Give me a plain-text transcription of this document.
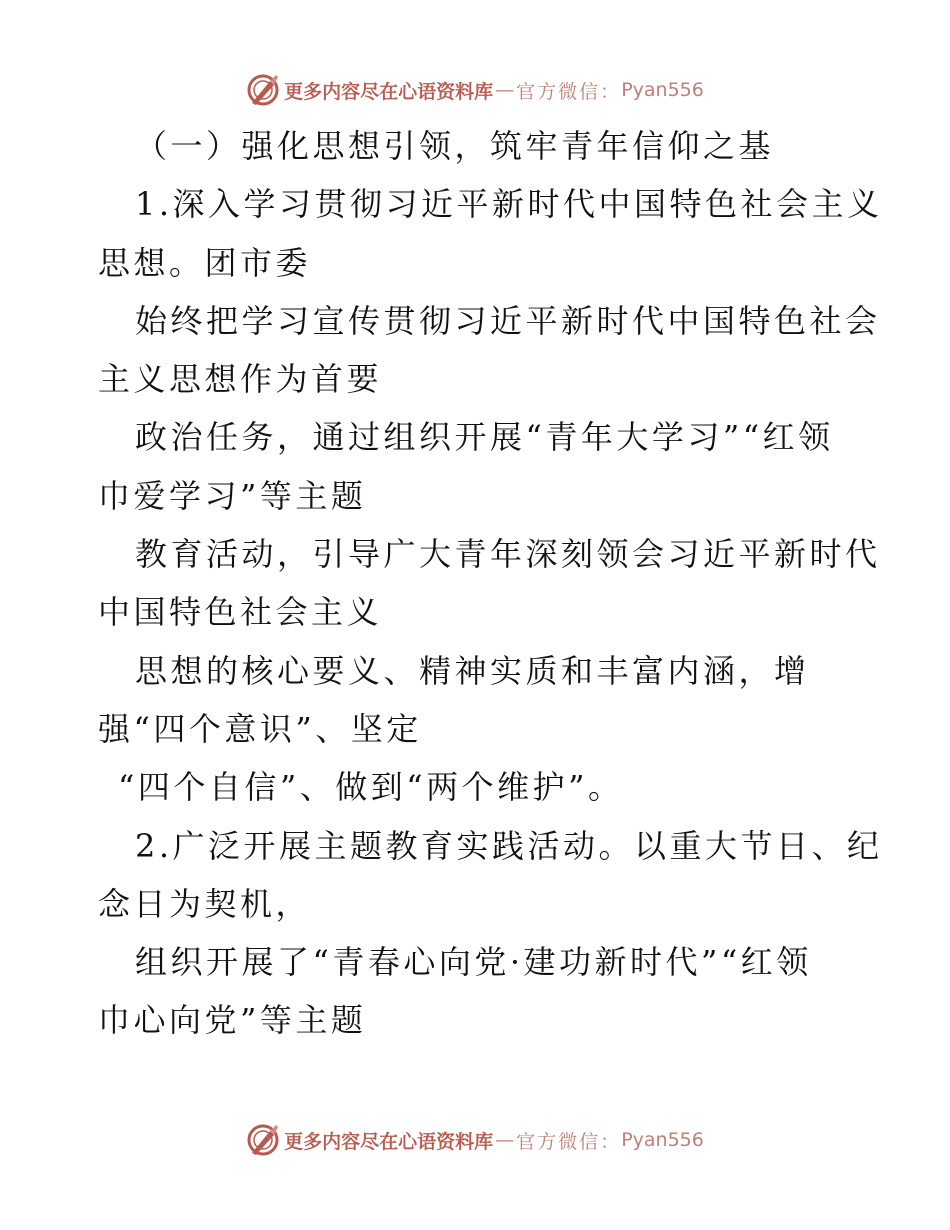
更多内容尽在心语资料库 — 官方微信： Pyan556
（一）强化思想引领，筑牢青年信仰之基
1.深入学习贯彻习近平新时代中国特色社会主义
思想。团市委
始终把学习宣传贯彻习近平新时代中国特色社会
主义思想作为首要
政治任务，通过组织开展“青年大学习”“红领
巾爱学习”等主题
教育活动，引导广大青年深刻领会习近平新时代
中国特色社会主义
思想的核心要义、精神实质和丰富内涵，增
强“四个意识”、坚定
“四个自信”、做到“两个维护”。
2.广泛开展主题教育实践活动。以重大节日、纪
念日为契机，
组织开展了“青春心向党·建功新时代”“红领
巾心向党”等主题
更多内容尽在心语资料库 — 官方微信： Pyan556
